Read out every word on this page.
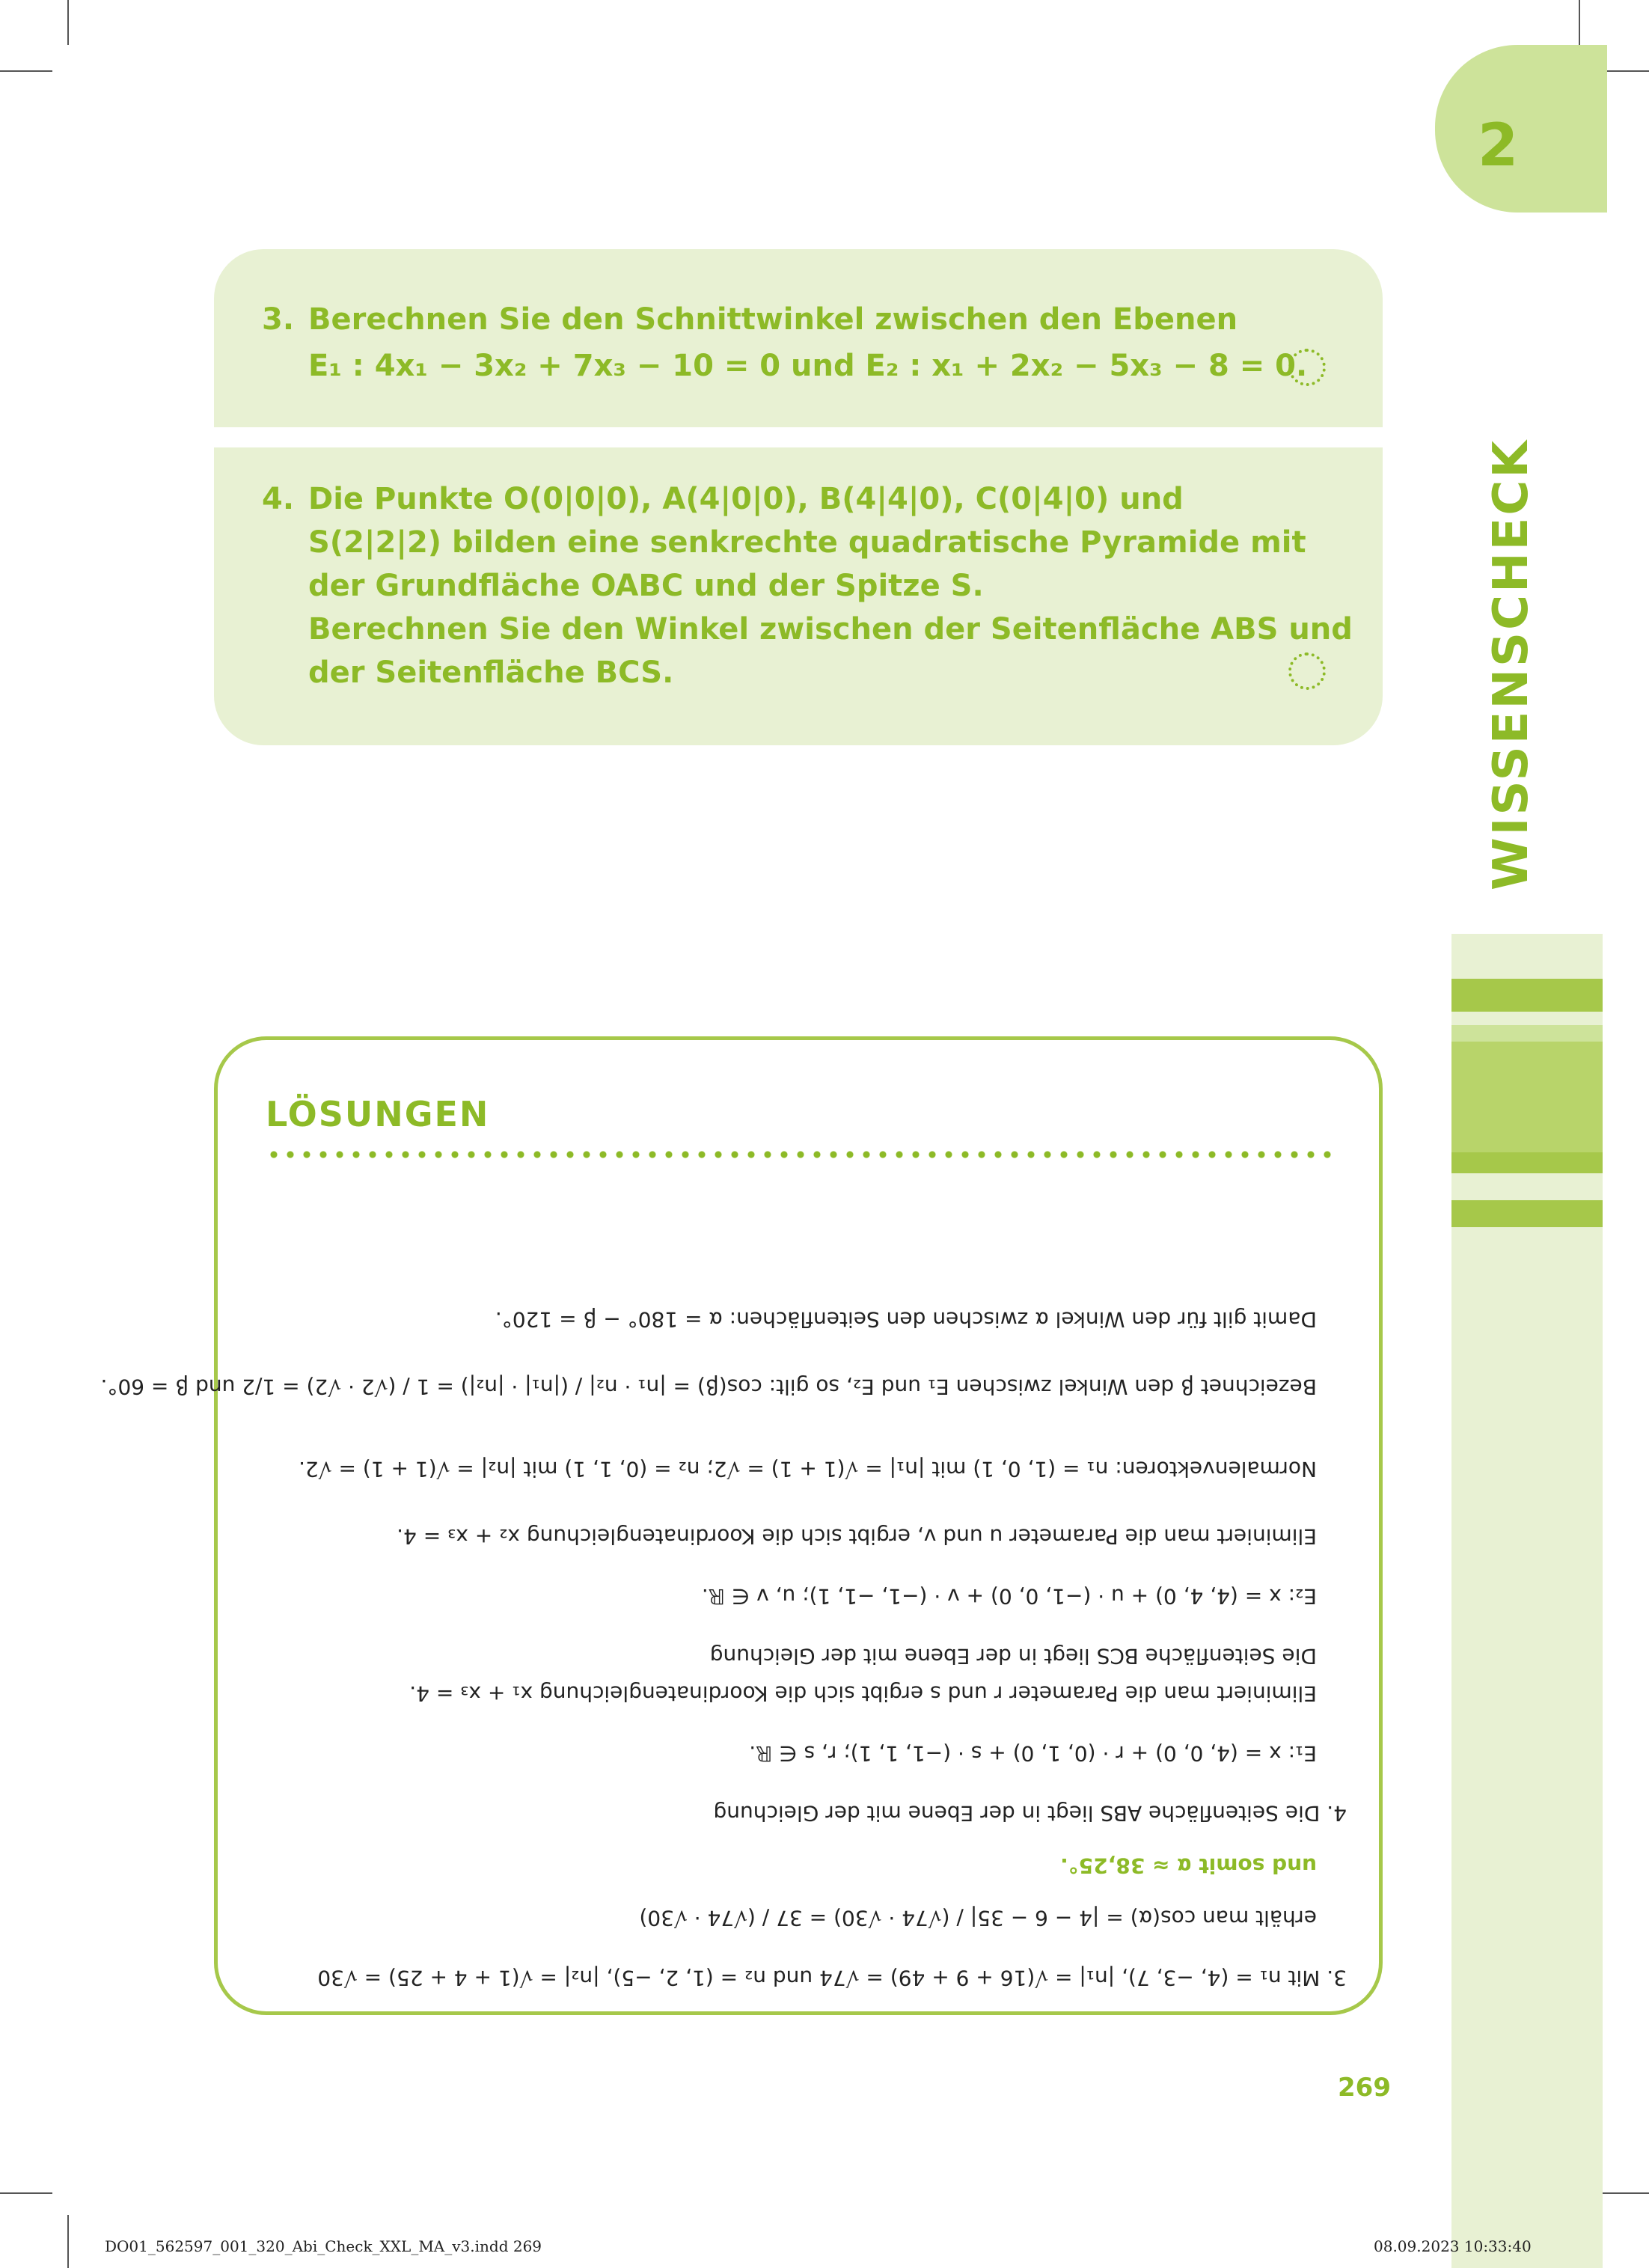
2
WISSENSCHECK
3. Berechnen Sie den Schnittwinkel zwischen den Ebenen
E₁ : 4x₁ − 3x₂ + 7x₃ − 10 = 0 und E₂ : x₁ + 2x₂ − 5x₃ − 8 = 0.
4. Die Punkte O(0|0|0), A(4|0|0), B(4|4|0), C(0|4|0) und
S(2|2|2) bilden eine senkrechte quadratische Pyramide mit
der Grundfläche OABC und der Spitze S.
Berechnen Sie den Winkel zwischen der Seitenfläche ABS und
der Seitenfläche BCS.
LÖSUNGEN
3. Mit n₁ = (4, −3, 7), |n₁| = √(16 + 9 + 49) = √74 und n₂ = (1, 2, −5), |n₂| = √(1 + 4 + 25) = √30
erhält man cos(α) = |4 − 6 − 35| / (√74 · √30) = 37 / (√74 · √30)
und somit α ≈ 38,25°.
4. Die Seitenfläche ABS liegt in der Ebene mit der Gleichung
E₁: x = (4, 0, 0) + r · (0, 1, 0) + s · (−1, 1, 1); r, s ∈ ℝ.
Eliminiert man die Parameter r und s ergibt sich die Koordinatengleichung x₁ + x₃ = 4.
Die Seitenfläche BCS liegt in der Ebene mit der Gleichung
E₂: x = (4, 4, 0) + u · (−1, 0, 0) + v · (−1, −1, 1); u, v ∈ ℝ.
Eliminiert man die Parameter u und v, ergibt sich die Koordinatengleichung x₂ + x₃ = 4.
Normalenvektoren: n₁ = (1, 0, 1) mit |n₁| = √(1 + 1) = √2; n₂ = (0, 1, 1) mit |n₂| = √(1 + 1) = √2.
Bezeichnet β den Winkel zwischen E₁ und E₂, so gilt: cos(β) = |n₁ · n₂| / (|n₁| · |n₂|) = 1 / (√2 · √2) = 1/2 und β = 60°.
Damit gilt für den Winkel α zwischen den Seitenflächen: α = 180° − β = 120°.
269
DO01_562597_001_320_Abi_Check_XXL_MA_v3.indd 269	08.09.2023 10:33:40
